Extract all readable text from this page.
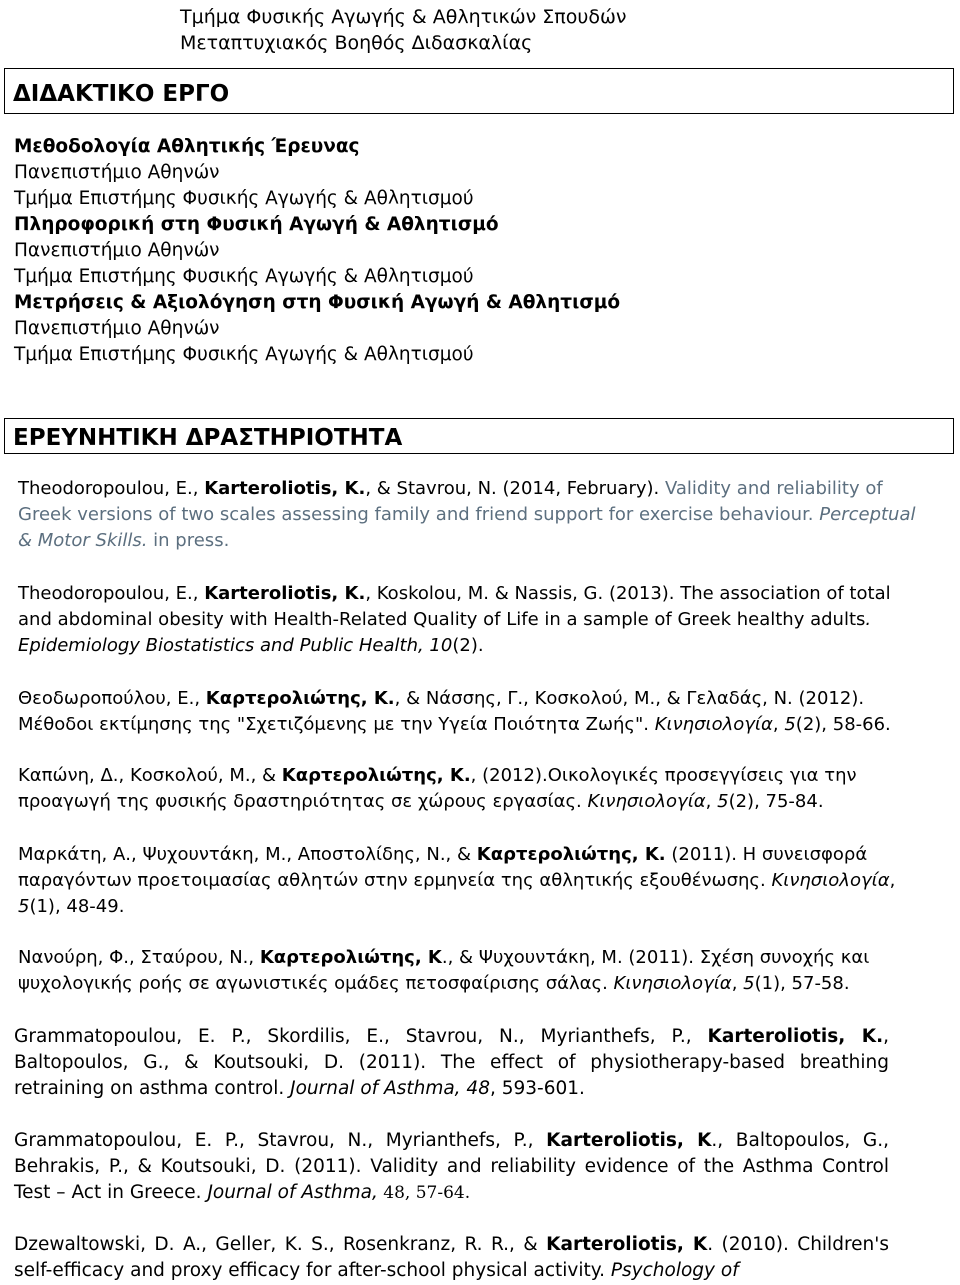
Τμήμα Φυσικής Αγωγής & Αθλητικών Σπουδών
Μεταπτυχιακός Βοηθός Διδασκαλίας
ΔΙΔΑΚΤΙΚΟ ΕΡΓΟ
Μεθοδολογία Αθλητικής Έρευνας
Πανεπιστήμιο Αθηνών
Τμήμα Επιστήμης Φυσικής Αγωγής & Αθλητισμού
Πληροφορική στη Φυσική Αγωγή & Αθλητισμό
Πανεπιστήμιο Αθηνών
Τμήμα Επιστήμης Φυσικής Αγωγής & Αθλητισμού
Μετρήσεις & Αξιολόγηση στη Φυσική Αγωγή & Αθλητισμό
Πανεπιστήμιο Αθηνών
Τμήμα Επιστήμης Φυσικής Αγωγής & Αθλητισμού
ΕΡΕΥΝΗΤΙΚΗ ΔΡΑΣΤΗΡΙΟΤΗΤΑ
Theodoropoulou, E., Karteroliotis, K., & Stavrou, N. (2014, February). Validity and reliability of Greek versions of two scales assessing family and friend support for exercise behaviour. Perceptual & Motor Skills. in press.
Theodoropoulou, E., Karteroliotis, K., Koskolou, M. & Nassis, G. (2013). The association of total and abdominal obesity with Health-Related Quality of Life in a sample of Greek healthy adults. Epidemiology Biostatistics and Public Health, 10(2).
Θεοδωροπούλου, Ε., Καρτερολιώτης, Κ., & Νάσσης, Γ., Κοσκολού, Μ., & Γελαδάς, Ν. (2012). Μέθοδοι εκτίμησης της "Σχετιζόμενης με την Υγεία Ποιότητα Ζωής". Κινησιολογία, 5(2), 58-66.
Καπώνη, Δ., Κοσκολού, Μ., & Καρτερολιώτης, Κ., (2012).Οικολογικές προσεγγίσεις για την προαγωγή της φυσικής δραστηριότητας σε χώρους εργασίας. Κινησιολογία, 5(2), 75-84.
Μαρκάτη, Α., Ψυχουντάκη, Μ., Αποστολίδης, Ν., & Καρτερολιώτης, Κ. (2011). Η συνεισφορά παραγόντων προετοιμασίας αθλητών στην ερμηνεία της αθλητικής εξουθένωσης. Κινησιολογία, 5(1), 48-49.
Νανούρη, Φ., Σταύρου, Ν., Καρτερολιώτης, Κ., & Ψυχουντάκη, Μ. (2011). Σχέση συνοχής και ψυχολογικής ροής σε αγωνιστικές ομάδες πετοσφαίρισης σάλας. Κινησιολογία, 5(1), 57-58.
Grammatopoulou, E. P., Skordilis, E., Stavrou, N., Myrianthefs, P., Karteroliotis, K., Baltopoulos, G., & Koutsouki, D. (2011). The effect of physiotherapy-based breathing retraining on asthma control. Journal of Asthma, 48, 593-601.
Grammatopoulou, E. P., Stavrou, N., Myrianthefs, P., Karteroliotis, K., Baltopoulos, G., Behrakis, P., & Koutsouki, D. (2011). Validity and reliability evidence of the Asthma Control Test – Act in Greece. Journal of Asthma, 48, 57-64.
Dzewaltowski, D. A., Geller, K. S., Rosenkranz, R. R., & Karteroliotis, K. (2010). Children's self-efficacy and proxy efficacy for after-school physical activity. Psychology of
